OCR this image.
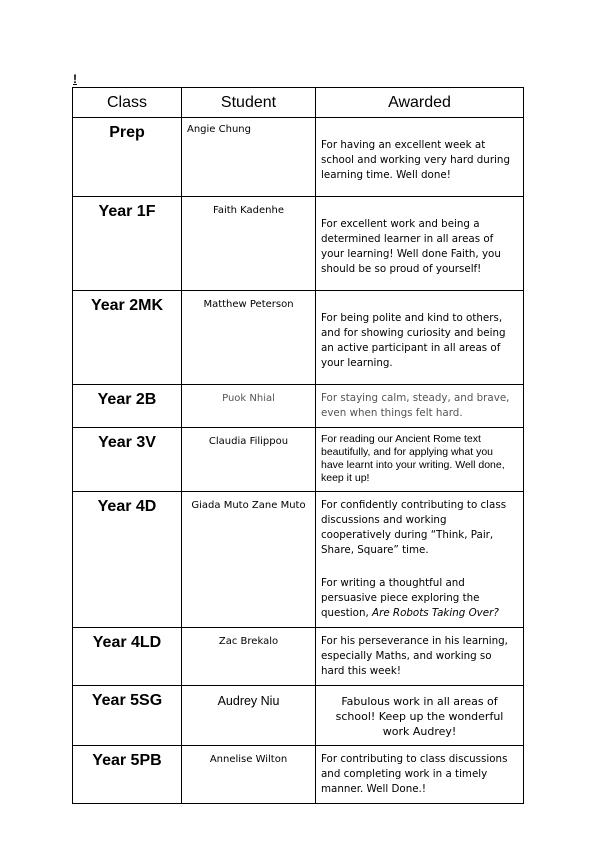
!
Class	Student	Awarded
Prep	Angie Chung	For having an excellent week at school and working very hard during learning time. Well done!
Year 1F	Faith Kadenhe	For excellent work and being a determined learner in all areas of your learning! Well done Faith, you should be so proud of yourself!
Year 2MK	Matthew Peterson	For being polite and kind to others, and for showing curiosity and being an active participant in all areas of your learning.
Year 2B	Puok Nhial	For staying calm, steady, and brave, even when things felt hard.
Year 3V	Claudia Filippou	For reading our Ancient Rome text beautifully, and for applying what you have learnt into your writing. Well done, keep it up!
Year 4D	Giada Muto Zane Muto	For confidently contributing to class discussions and working cooperatively during “Think, Pair, Share, Square” time.
For writing a thoughtful and persuasive piece exploring the question, Are Robots Taking Over?

Year 4LD	Zac Brekalo	For his perseverance in his learning, especially Maths, and working so hard this week!
Year 5SG	Audrey Niu	Fabulous work in all areas of school! Keep up the wonderful work Audrey!
Year 5PB	Annelise Wilton	For contributing to class discussions and completing work in a timely manner. Well Done.!
